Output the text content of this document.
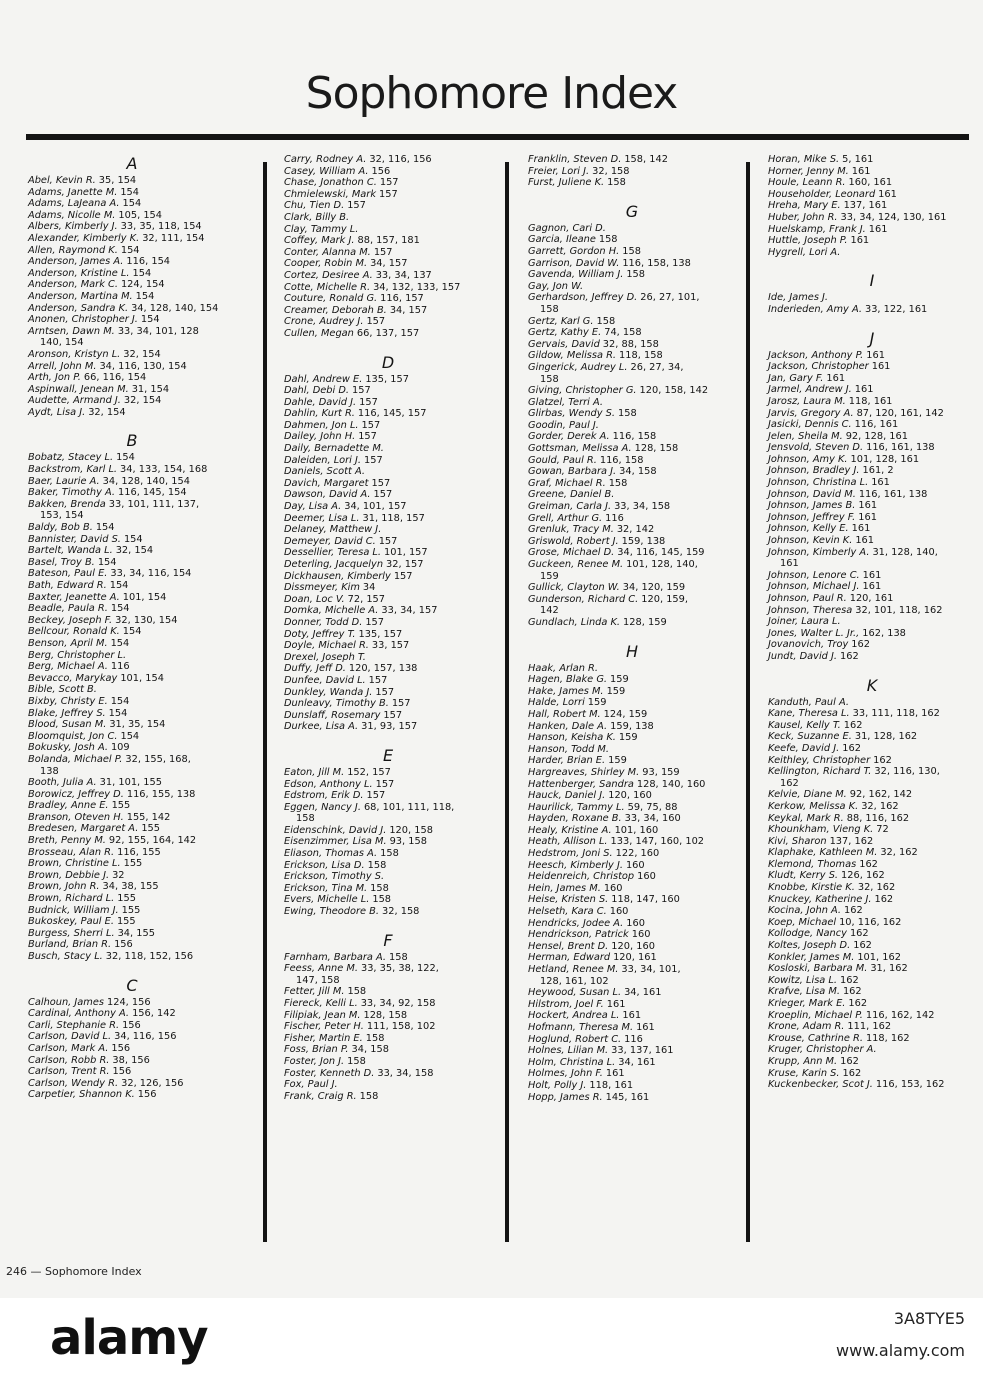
Sophomore Index
A
Abel, Kevin R. 35, 154
Adams, Janette M. 154
Adams, LaJeana A. 154
Adams, Nicolle M. 105, 154
Albers, Kimberly J. 33, 35, 118, 154
Alexander, Kimberly K. 32, 111, 154
Allen, Raymond K. 154
Anderson, James A. 116, 154
Anderson, Kristine L. 154
Anderson, Mark C. 124, 154
Anderson, Martina M. 154
Anderson, Sandra K. 34, 128, 140, 154
Anonen, Christopher J. 154
Arntsen, Dawn M. 33, 34, 101, 128
140, 154
Aronson, Kristyn L. 32, 154
Arrell, John M. 34, 116, 130, 154
Arth, Jon P. 66, 116, 154
Aspinwall, Jenean M. 31, 154
Audette, Armand J. 32, 154
Aydt, Lisa J. 32, 154
B
Bobatz, Stacey L. 154
Backstrom, Karl L. 34, 133, 154, 168
Baer, Laurie A. 34, 128, 140, 154
Baker, Timothy A. 116, 145, 154
Bakken, Brenda 33, 101, 111, 137,
153, 154
Baldy, Bob B. 154
Bannister, David S. 154
Bartelt, Wanda L. 32, 154
Basel, Troy B. 154
Bateson, Paul E. 33, 34, 116, 154
Bath, Edward R. 154
Baxter, Jeanette A. 101, 154
Beadle, Paula R. 154
Beckey, Joseph F. 32, 130, 154
Bellcour, Ronald K. 154
Benson, April M. 154
Berg, Christopher L.
Berg, Michael A. 116
Bevacco, Marykay 101, 154
Bible, Scott B.
Bixby, Christy E. 154
Blake, Jeffrey S. 154
Blood, Susan M. 31, 35, 154
Bloomquist, Jon C. 154
Bokusky, Josh A. 109
Bolanda, Michael P. 32, 155, 168,
138
Booth, Julia A. 31, 101, 155
Borowicz, Jeffrey D. 116, 155, 138
Bradley, Anne E. 155
Branson, Oteven H. 155, 142
Bredesen, Margaret A. 155
Breth, Penny M. 92, 155, 164, 142
Brosseau, Alan R. 116, 155
Brown, Christine L. 155
Brown, Debbie J. 32
Brown, John R. 34, 38, 155
Brown, Richard L. 155
Budnick, William J. 155
Bukoskey, Paul E. 155
Burgess, Sherri L. 34, 155
Burland, Brian R. 156
Busch, Stacy L. 32, 118, 152, 156
C
Calhoun, James 124, 156
Cardinal, Anthony A. 156, 142
Carli, Stephanie R. 156
Carlson, David L. 34, 116, 156
Carlson, Mark A. 156
Carlson, Robb R. 38, 156
Carlson, Trent R. 156
Carlson, Wendy R. 32, 126, 156
Carpetier, Shannon K. 156
Carry, Rodney A. 32, 116, 156
Casey, William A. 156
Chase, Jonathon C. 157
Chmielewski, Mark 157
Chu, Tien D. 157
Clark, Billy B.
Clay, Tammy L.
Coffey, Mark J. 88, 157, 181
Conter, Alanna M. 157
Cooper, Robin M. 34, 157
Cortez, Desiree A. 33, 34, 137
Cotte, Michelle R. 34, 132, 133, 157
Couture, Ronald G. 116, 157
Creamer, Deborah B. 34, 157
Crone, Audrey J. 157
Cullen, Megan 66, 137, 157
D
Dahl, Andrew E. 135, 157
Dahl, Debi D. 157
Dahle, David J. 157
Dahlin, Kurt R. 116, 145, 157
Dahmen, Jon L. 157
Dailey, John H. 157
Daily, Bernadette M.
Daleiden, Lori J. 157
Daniels, Scott A.
Davich, Margaret 157
Dawson, David A. 157
Day, Lisa A. 34, 101, 157
Deemer, Lisa L. 31, 118, 157
Delaney, Matthew J.
Demeyer, David C. 157
Dessellier, Teresa L. 101, 157
Deterling, Jacquelyn 32, 157
Dickhausen, Kimberly 157
Dissmeyer, Kim 34
Doan, Loc V. 72, 157
Domka, Michelle A. 33, 34, 157
Donner, Todd D. 157
Doty, Jeffrey T. 135, 157
Doyle, Michael R. 33, 157
Drexel, Joseph T.
Duffy, Jeff D. 120, 157, 138
Dunfee, David L. 157
Dunkley, Wanda J. 157
Dunleavy, Timothy B. 157
Dunslaff, Rosemary 157
Durkee, Lisa A. 31, 93, 157
E
Eaton, Jill M. 152, 157
Edson, Anthony L. 157
Edstrom, Erik D. 157
Eggen, Nancy J. 68, 101, 111, 118,
158
Eidenschink, David J. 120, 158
Eisenzimmer, Lisa M. 93, 158
Eliason, Thomas A. 158
Erickson, Lisa D. 158
Erickson, Timothy S.
Erickson, Tina M. 158
Evers, Michelle L. 158
Ewing, Theodore B. 32, 158
F
Farnham, Barbara A. 158
Feess, Anne M. 33, 35, 38, 122,
147, 158
Fetter, Jill M. 158
Fiereck, Kelli L. 33, 34, 92, 158
Filipiak, Jean M. 128, 158
Fischer, Peter H. 111, 158, 102
Fisher, Martin E. 158
Foss, Brian P. 34, 158
Foster, Jon J. 158
Foster, Kenneth D. 33, 34, 158
Fox, Paul J.
Frank, Craig R. 158
Franklin, Steven D. 158, 142
Freier, Lori J. 32, 158
Furst, Juliene K. 158
G
Gagnon, Cari D.
Garcia, Ileane 158
Garrett, Gordon H. 158
Garrison, David W. 116, 158, 138
Gavenda, William J. 158
Gay, Jon W.
Gerhardson, Jeffrey D. 26, 27, 101,
158
Gertz, Karl G. 158
Gertz, Kathy E. 74, 158
Gervais, David 32, 88, 158
Gildow, Melissa R. 118, 158
Gingerick, Audrey L. 26, 27, 34,
158
Giving, Christopher G. 120, 158, 142
Glatzel, Terri A.
Glirbas, Wendy S. 158
Goodin, Paul J.
Gorder, Derek A. 116, 158
Gottsman, Melissa A. 128, 158
Gould, Paul R. 116, 158
Gowan, Barbara J. 34, 158
Graf, Michael R. 158
Greene, Daniel B.
Greiman, Carla J. 33, 34, 158
Grell, Arthur G. 116
Grenluk, Tracy M. 32, 142
Griswold, Robert J. 159, 138
Grose, Michael D. 34, 116, 145, 159
Guckeen, Renee M. 101, 128, 140,
159
Gullick, Clayton W. 34, 120, 159
Gunderson, Richard C. 120, 159,
142
Gundlach, Linda K. 128, 159
H
Haak, Arlan R.
Hagen, Blake G. 159
Hake, James M. 159
Halde, Lorri 159
Hall, Robert M. 124, 159
Hanken, Dale A. 159, 138
Hanson, Keisha K. 159
Hanson, Todd M.
Harder, Brian E. 159
Hargreaves, Shirley M. 93, 159
Hattenberger, Sandra 128, 140, 160
Hauck, Daniel J. 120, 160
Haurilick, Tammy L. 59, 75, 88
Hayden, Roxane B. 33, 34, 160
Healy, Kristine A. 101, 160
Heath, Allison L. 133, 147, 160, 102
Hedstrom, Joni S. 122, 160
Heesch, Kimberly J. 160
Heidenreich, Christop 160
Hein, James M. 160
Heise, Kristen S. 118, 147, 160
Helseth, Kara C. 160
Hendricks, Jodee A. 160
Hendrickson, Patrick 160
Hensel, Brent D. 120, 160
Herman, Edward 120, 161
Hetland, Renee M. 33, 34, 101,
128, 161, 102
Heywood, Susan L. 34, 161
Hilstrom, Joel F. 161
Hockert, Andrea L. 161
Hofmann, Theresa M. 161
Hoglund, Robert C. 116
Holnes, Lilian M. 33, 137, 161
Holm, Christina L. 34, 161
Holmes, John F. 161
Holt, Polly J. 118, 161
Hopp, James R. 145, 161
Horan, Mike S. 5, 161
Horner, Jenny M. 161
Houle, Leann R. 160, 161
Householder, Leonard 161
Hreha, Mary E. 137, 161
Huber, John R. 33, 34, 124, 130, 161
Huelskamp, Frank J. 161
Huttle, Joseph P. 161
Hygrell, Lori A.
I
Ide, James J.
Inderieden, Amy A. 33, 122, 161
J
Jackson, Anthony P. 161
Jackson, Christopher 161
Jan, Gary F. 161
Jarmel, Andrew J. 161
Jarosz, Laura M. 118, 161
Jarvis, Gregory A. 87, 120, 161, 142
Jasicki, Dennis C. 116, 161
Jelen, Sheila M. 92, 128, 161
Jensvold, Steven D. 116, 161, 138
Johnson, Amy K. 101, 128, 161
Johnson, Bradley J. 161, 2
Johnson, Christina L. 161
Johnson, David M. 116, 161, 138
Johnson, James B. 161
Johnson, Jeffrey F. 161
Johnson, Kelly E. 161
Johnson, Kevin K. 161
Johnson, Kimberly A. 31, 128, 140,
161
Johnson, Lenore C. 161
Johnson, Michael J. 161
Johnson, Paul R. 120, 161
Johnson, Theresa 32, 101, 118, 162
Joiner, Laura L.
Jones, Walter L. Jr., 162, 138
Jovanovich, Troy 162
Jundt, David J. 162
K
Kanduth, Paul A.
Kane, Theresa L. 33, 111, 118, 162
Kausel, Kelly T. 162
Keck, Suzanne E. 31, 128, 162
Keefe, David J. 162
Keithley, Christopher 162
Kellington, Richard T. 32, 116, 130,
162
Kelvie, Diane M. 92, 162, 142
Kerkow, Melissa K. 32, 162
Keykal, Mark R. 88, 116, 162
Khounkham, Vieng K. 72
Kivi, Sharon 137, 162
Klaphake, Kathleen M. 32, 162
Klemond, Thomas 162
Kludt, Kerry S. 126, 162
Knobbe, Kirstie K. 32, 162
Knuckey, Katherine J. 162
Kocina, John A. 162
Koep, Michael 10, 116, 162
Kollodge, Nancy 162
Koltes, Joseph D. 162
Konkler, James M. 101, 162
Kosloski, Barbara M. 31, 162
Kowitz, Lisa L. 162
Krafve, Lisa M. 162
Krieger, Mark E. 162
Kroeplin, Michael P. 116, 162, 142
Krone, Adam R. 111, 162
Krouse, Cathrine R. 118, 162
Kruger, Christopher A.
Krupp, Ann M. 162
Kruse, Karin S. 162
Kuckenbecker, Scot J. 116, 153, 162
246 — Sophomore Index
alamy	3A8TYE5
www.alamy.com
